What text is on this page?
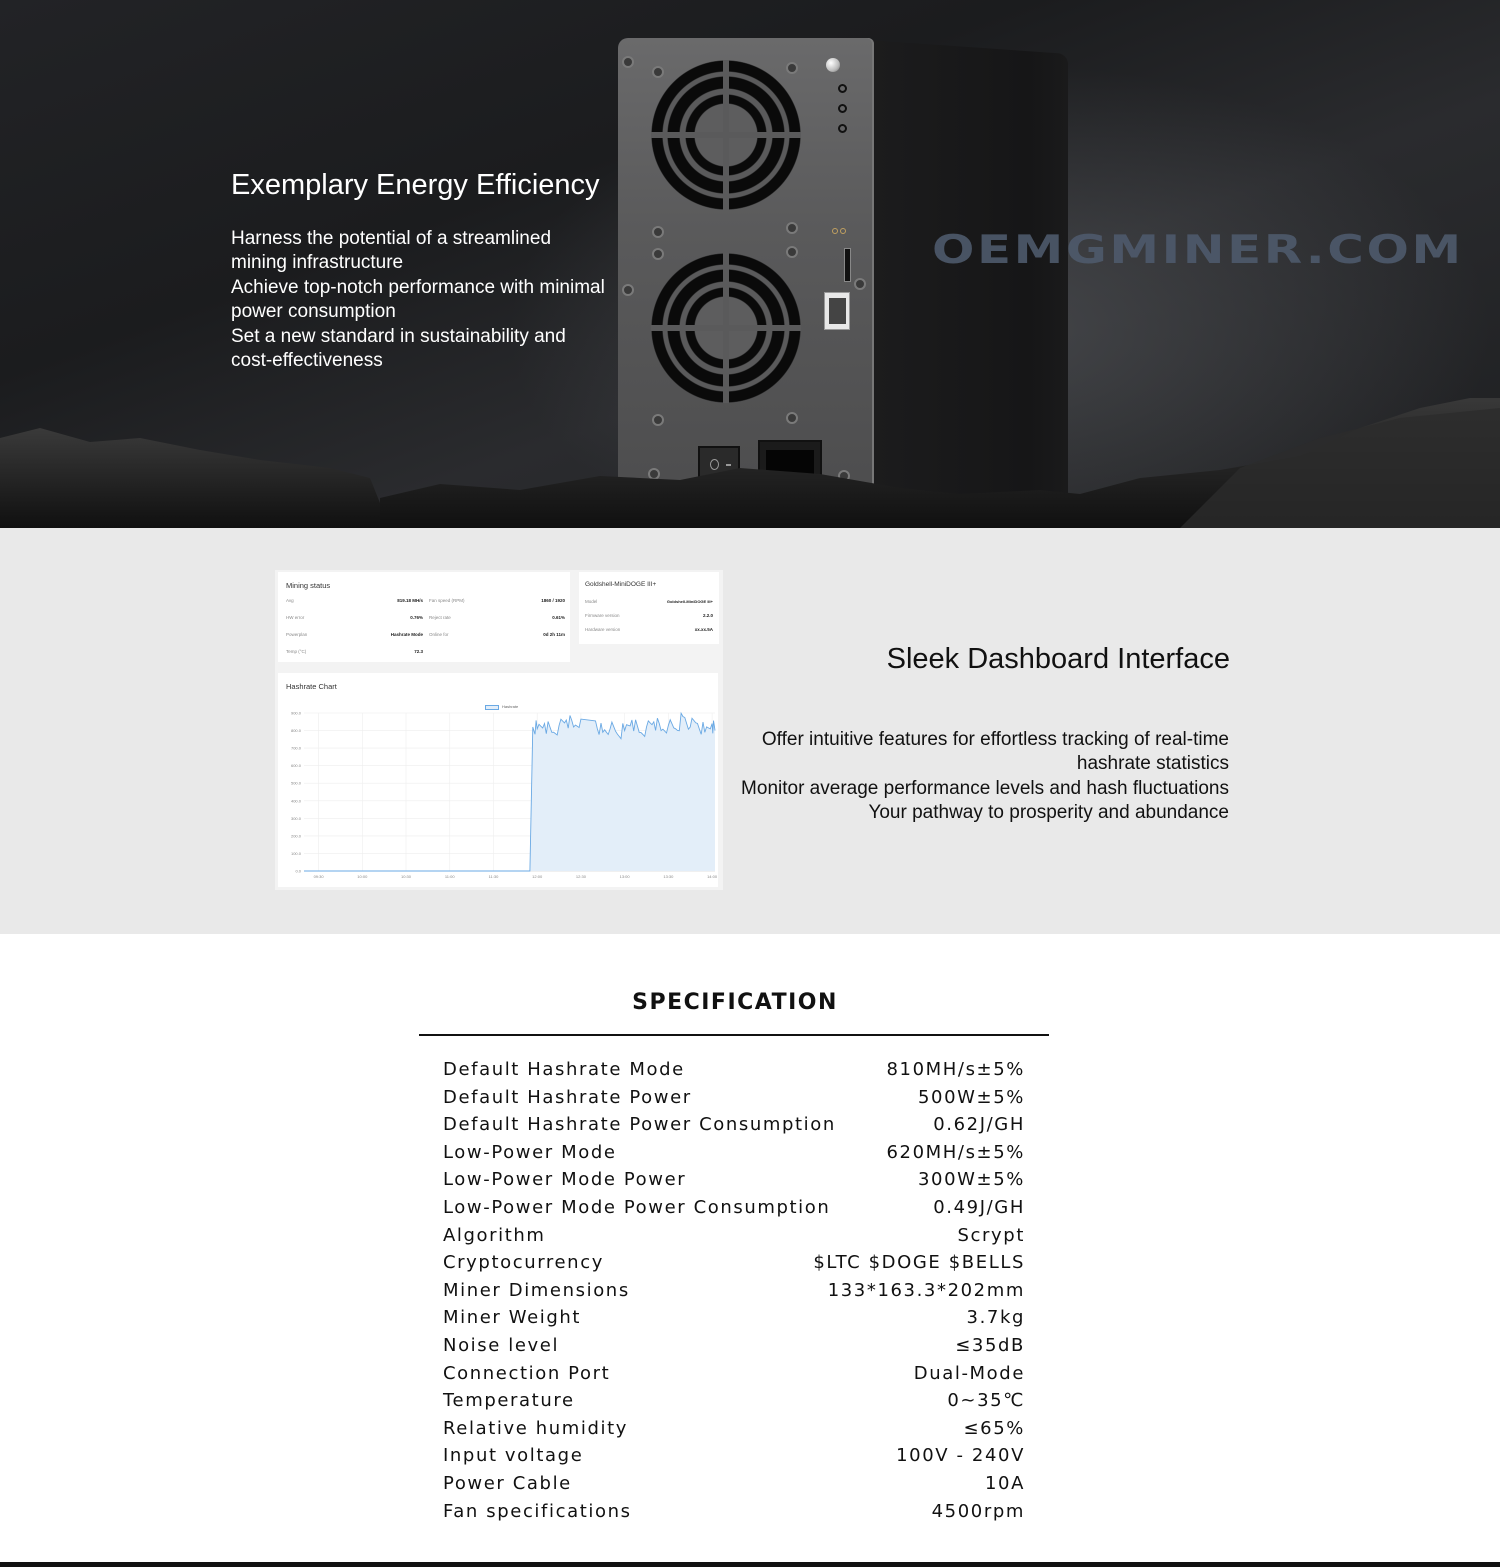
Exemplary Energy Efficiency
Harness the potential of a streamlined mining infrastructure
Achieve top-notch performance with minimal power consumption
Set a new standard in sustainability and cost-effectiveness
OEMGMINER.COM
Mining status
Avg	819.18 MH/s
HW error	0.76%
Powerplan	Hashrate Mode
Temp (°C)	72.3
Fan speed (RPM)	1860 / 1920
Reject rate	0.61%
Online for	0d 2h 11m
Goldshell-MiniDOGE III+
Model	Goldshell-MiniDOGE III+
Firmware version	2.2.0
Hardware version	xx.xx.5A
Hashrate Chart
Hashrate
0.0
100.0
200.0
300.0
400.0
500.0
600.0
700.0
800.0
900.0
09:30	10:00	10:30	11:00	11:30	12:00	12:30	13:00	13:30	14:00
Sleek Dashboard Interface
Offer intuitive features for effortless tracking of real-time hashrate statistics
Monitor average performance levels and hash fluctuations
Your pathway to prosperity and abundance
SPECIFICATION
Default Hashrate Mode	810MH/s±5%
Default Hashrate Power	500W±5%
Default Hashrate Power Consumption	0.62J/GH
Low-Power Mode	620MH/s±5%
Low-Power Mode Power	300W±5%
Low-Power Mode Power Consumption	0.49J/GH
Algorithm	Scrypt
Cryptocurrency	$LTC $DOGE $BELLS
Miner Dimensions	133*163.3*202mm
Miner Weight	3.7kg
Noise level	≤35dB
Connection Port	Dual-Mode
Temperature	0~35℃
Relative humidity	≤65%
Input voltage	100V - 240V
Power Cable	10A
Fan specifications	4500rpm
